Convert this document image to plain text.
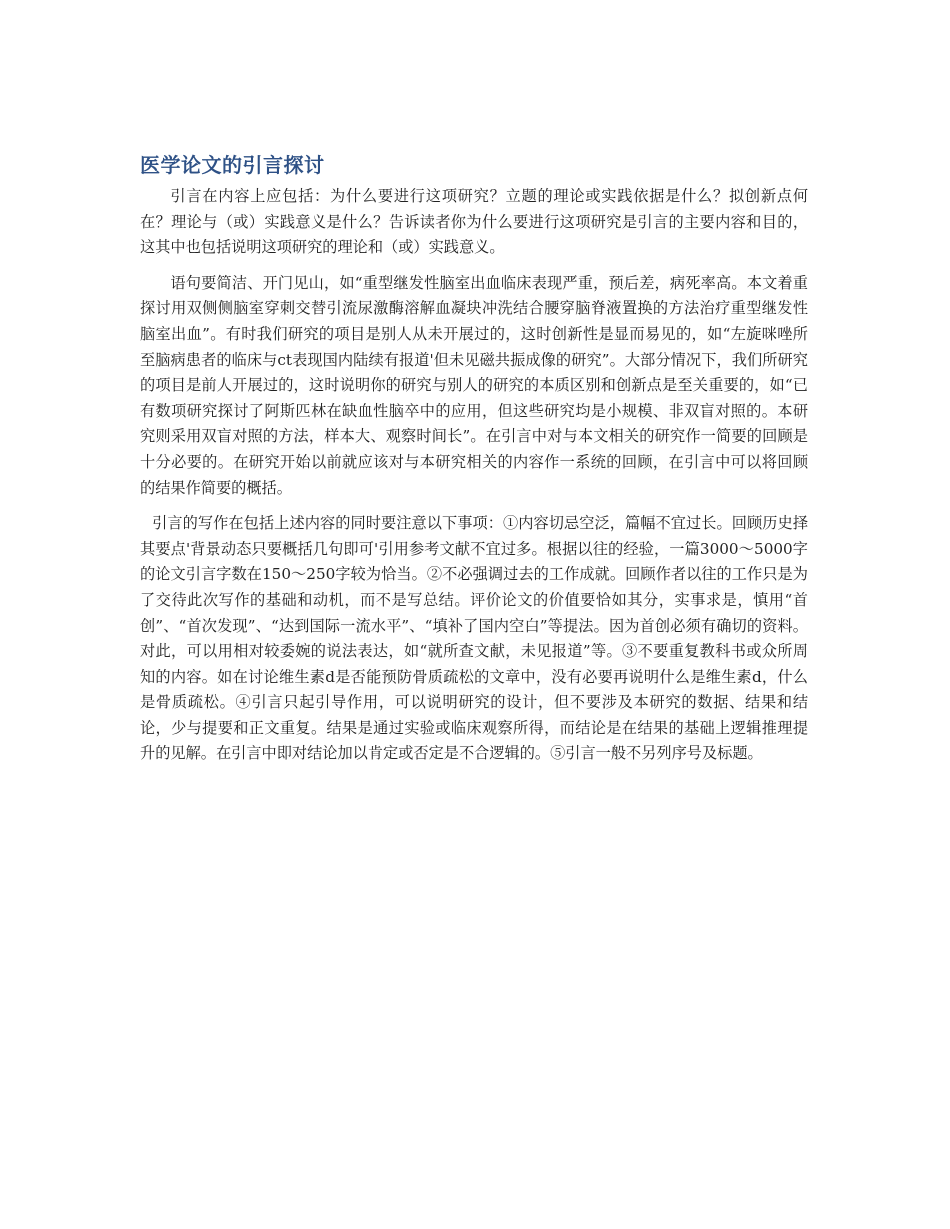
医学论文的引言探讨

引言在内容上应包括：为什么要进行这项研究？立题的理论或实践依据是什么？拟创新点何在？理论与（或）实践意义是什么？告诉读者你为什么要进行这项研究是引言的主要内容和目的，这其中也包括说明这项研究的理论和（或）实践意义。

语句要简洁、开门见山，如“重型继发性脑室出血临床表现严重，预后差，病死率高。本文着重探讨用双侧侧脑室穿刺交替引流尿激酶溶解血凝块冲洗结合腰穿脑脊液置换的方法治疗重型继发性脑室出血”。有时我们研究的项目是别人从未开展过的，这时创新性是显而易见的，如“左旋咪唑所至脑病患者的临床与ct表现国内陆续有报道'但未见磁共振成像的研究”。大部分情况下，我们所研究的项目是前人开展过的，这时说明你的研究与别人的研究的本质区别和创新点是至关重要的，如“已有数项研究探讨了阿斯匹林在缺血性脑卒中的应用，但这些研究均是小规模、非双盲对照的。本研究则采用双盲对照的方法，样本大、观察时间长”。在引言中对与本文相关的研究作一简要的回顾是十分必要的。在研究开始以前就应该对与本研究相关的内容作一系统的回顾，在引言中可以将回顾的结果作简要的概括。

引言的写作在包括上述内容的同时要注意以下事项：①内容切忌空泛，篇幅不宜过长。回顾历史择其要点'背景动态只要概括几句即可'引用参考文献不宜过多。根据以往的经验，一篇3000～5000字的论文引言字数在150～250字较为恰当。②不必强调过去的工作成就。回顾作者以往的工作只是为了交待此次写作的基础和动机，而不是写总结。评价论文的价值要恰如其分，实事求是，慎用“首创”、“首次发现”、“达到国际一流水平”、“填补了国内空白”等提法。因为首创必须有确切的资料。对此，可以用相对较委婉的说法表达，如“就所查文献，未见报道”等。③不要重复教科书或众所周知的内容。如在讨论维生素d是否能预防骨质疏松的文章中，没有必要再说明什么是维生素d，什么是骨质疏松。④引言只起引导作用，可以说明研究的设计，但不要涉及本研究的数据、结果和结论，少与提要和正文重复。结果是通过实验或临床观察所得，而结论是在结果的基础上逻辑推理提升的见解。在引言中即对结论加以肯定或否定是不合逻辑的。⑤引言一般不另列序号及标题。
